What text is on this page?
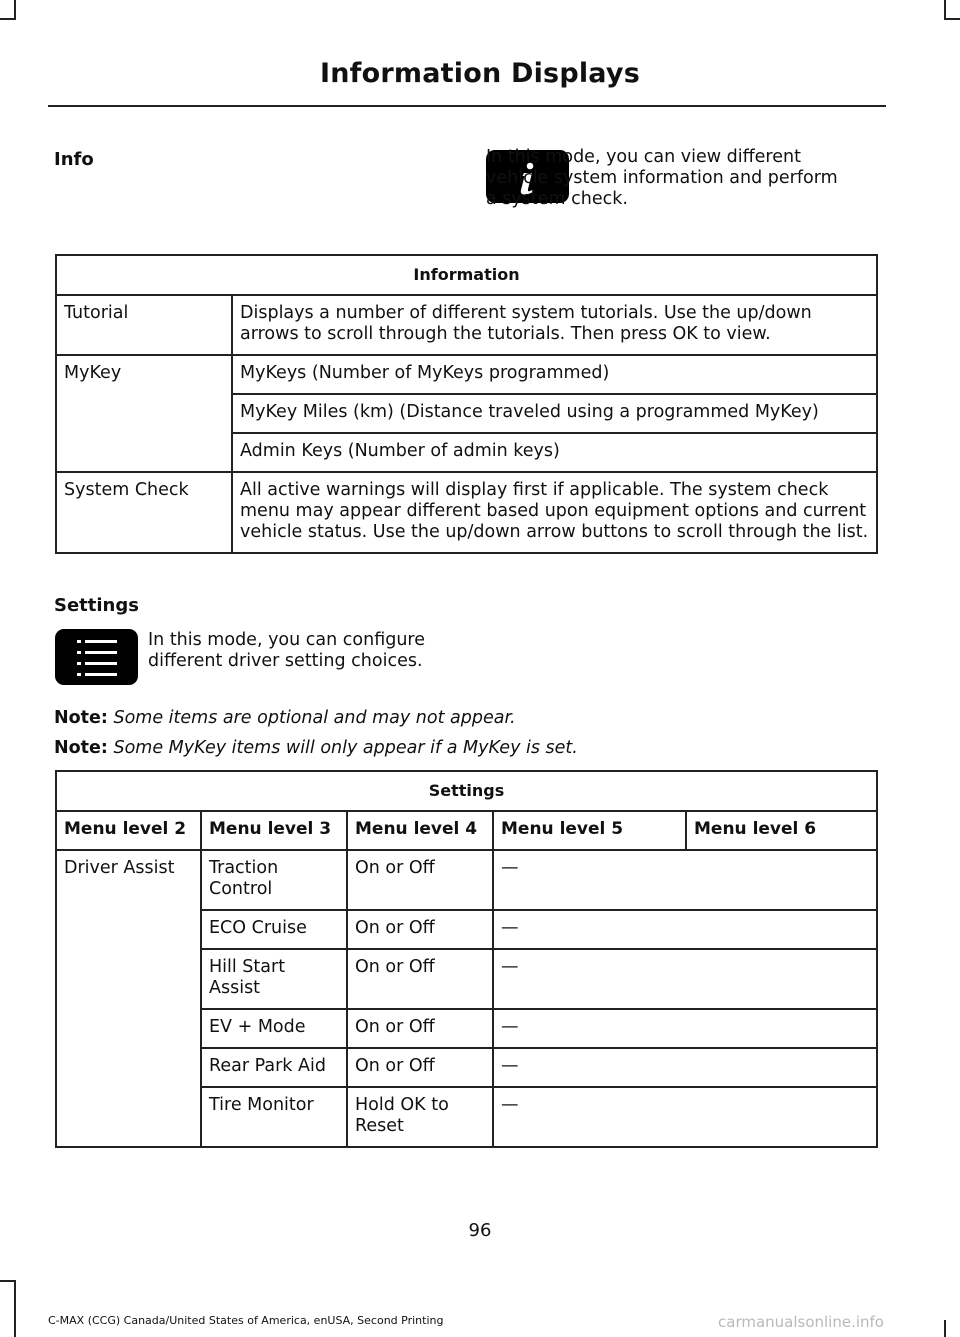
Information Displays
Info	In this mode, you can view different vehicle system information and perform a system check.
Information	
Tutorial	Displays a number of different system tutorials. Use the up/down arrows to scroll through the tutorials. Then press OK to view.
MyKey	MyKeys (Number of MyKeys programmed)
	MyKey Miles (km) (Distance traveled using a programmed MyKey)
	Admin Keys (Number of admin keys)
System Check	All active warnings will display first if applicable. The system check menu may appear different based upon equipment options and current vehicle status. Use the up/down arrow buttons to scroll through the list.
Settings
In this mode, you can configure different driver setting choices.
Note: Some items are optional and may not appear.
Note: Some MyKey items will only appear if a MyKey is set.
Settings				
Menu level 2	Menu level 3	Menu level 4	Menu level 5	Menu level 6
Driver Assist	Traction Control	On or Off	—	
	ECO Cruise	On or Off	—	
	Hill Start Assist	On or Off	—	
	EV + Mode	On or Off	—	
	Rear Park Aid	On or Off	—	
	Tire Monitor	Hold OK to Reset	—	
96
C-MAX (CCG) Canada/United States of America, enUSA, Second Printing	carmanualsonline.info
